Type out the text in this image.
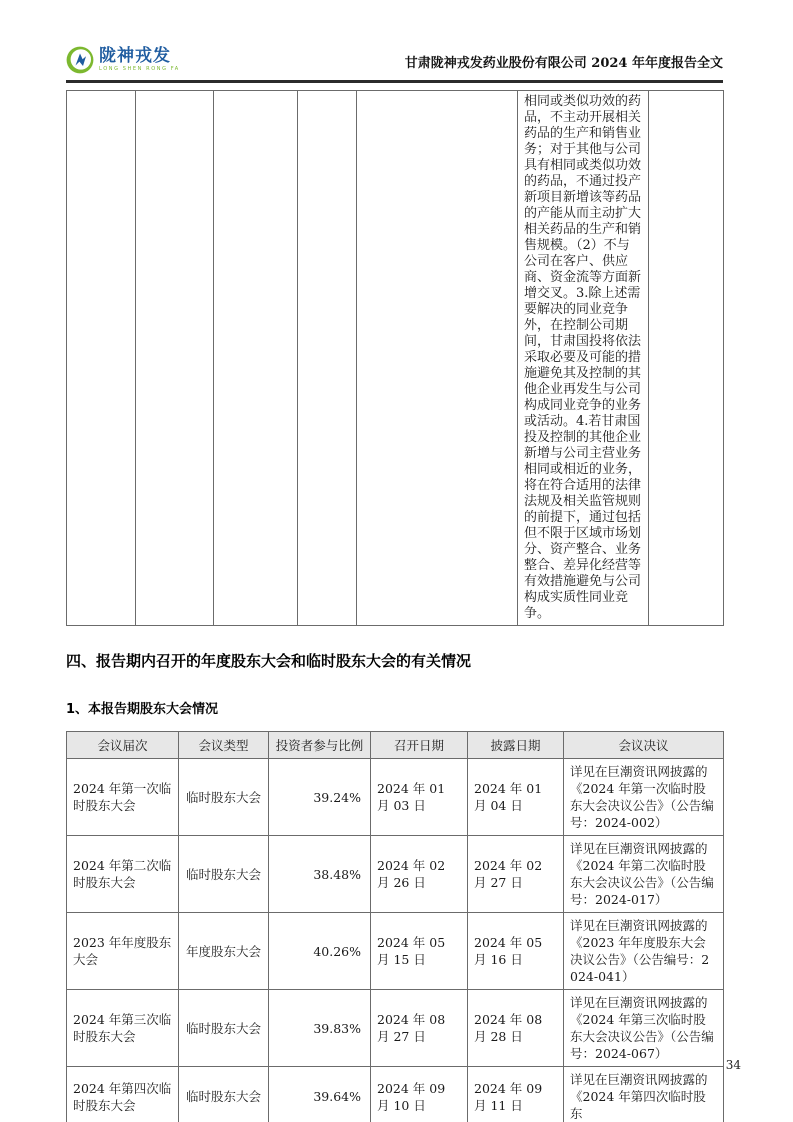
陇神戎发
LONG SHEN RONG FA	甘肃陇神戎发药业股份有限公司 2024 年年度报告全文
					相同或类似功效的药品，不主动开展相关药品的生产和销售业务；对于其他与公司具有相同或类似功效的药品，不通过投产新项目新增该等药品的产能从而主动扩大相关药品的生产和销售规模。（2）不与公司在客户、供应商、资金流等方面新增交叉。3.除上述需要解决的同业竞争外，在控制公司期间，甘肃国投将依法采取必要及可能的措施避免其及控制的其他企业再发生与公司构成同业竞争的业务或活动。4.若甘肃国投及控制的其他企业新增与公司主营业务相同或相近的业务，将在符合适用的法律法规及相关监管规则的前提下，通过包括但不限于区域市场划分、资产整合、业务整合、差异化经营等有效措施避免与公司构成实质性同业竞争。	
四、报告期内召开的年度股东大会和临时股东大会的有关情况
1、本报告期股东大会情况
会议届次	会议类型	投资者参与比例	召开日期	披露日期	会议决议
2024 年第一次临时股东大会	临时股东大会	39.24%	2024 年 01 月 03 日	2024 年 01 月 04 日	详见在巨潮资讯网披露的《2024 年第一次临时股东大会决议公告》（公告编号：2024-002）
2024 年第二次临时股东大会	临时股东大会	38.48%	2024 年 02 月 26 日	2024 年 02 月 27 日	详见在巨潮资讯网披露的《2024 年第二次临时股东大会决议公告》（公告编号：2024-017）
2023 年年度股东大会	年度股东大会	40.26%	2024 年 05 月 15 日	2024 年 05 月 16 日	详见在巨潮资讯网披露的《2023 年年度股东大会决议公告》（公告编号：2024-041）
2024 年第三次临时股东大会	临时股东大会	39.83%	2024 年 08 月 27 日	2024 年 08 月 28 日	详见在巨潮资讯网披露的《2024 年第三次临时股东大会决议公告》（公告编号：2024-067）
2024 年第四次临时股东大会	临时股东大会	39.64%	2024 年 09 月 10 日	2024 年 09 月 11 日	详见在巨潮资讯网披露的《2024 年第四次临时股东
34
